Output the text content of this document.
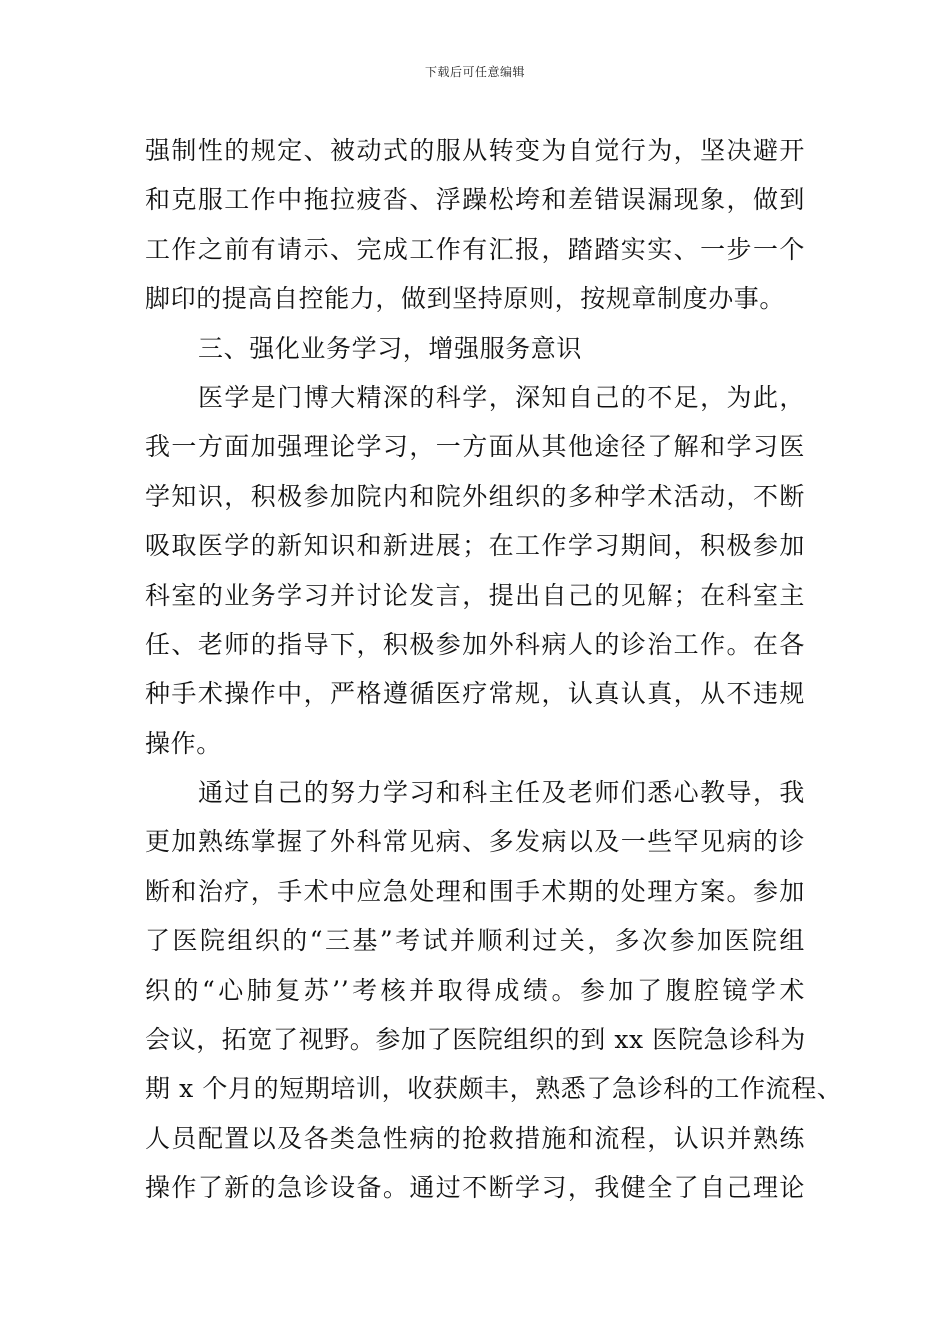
下载后可任意编辑
强制性的规定、被动式的服从转变为自觉行为，坚决避开
和克服工作中拖拉疲沓、浮躁松垮和差错误漏现象，做到
工作之前有请示、完成工作有汇报，踏踏实实、一步一个
脚印的提高自控能力，做到坚持原则，按规章制度办事。
三、强化业务学习，增强服务意识
医学是门博大精深的科学，深知自己的不足，为此，
我一方面加强理论学习，一方面从其他途径了解和学习医
学知识，积极参加院内和院外组织的多种学术活动，不断
吸取医学的新知识和新进展；在工作学习期间，积极参加
科室的业务学习并讨论发言，提出自己的见解；在科室主
任、老师的指导下，积极参加外科病人的诊治工作。在各
种手术操作中，严格遵循医疗常规，认真认真，从不违规
操作。
通过自己的努力学习和科主任及老师们悉心教导，我
更加熟练掌握了外科常见病、多发病以及一些罕见病的诊
断和治疗，手术中应急处理和围手术期的处理方案。参加
了医院组织的“三基”考试并顺利过关，多次参加医院组
织的“心肺复苏’’考核并取得成绩。参加了腹腔镜学术
会议，拓宽了视野。参加了医院组织的到 xx 医院急诊科为
期 x 个月的短期培训，收获颇丰，熟悉了急诊科的工作流程、
人员配置以及各类急性病的抢救措施和流程，认识并熟练
操作了新的急诊设备。通过不断学习，我健全了自己理论
